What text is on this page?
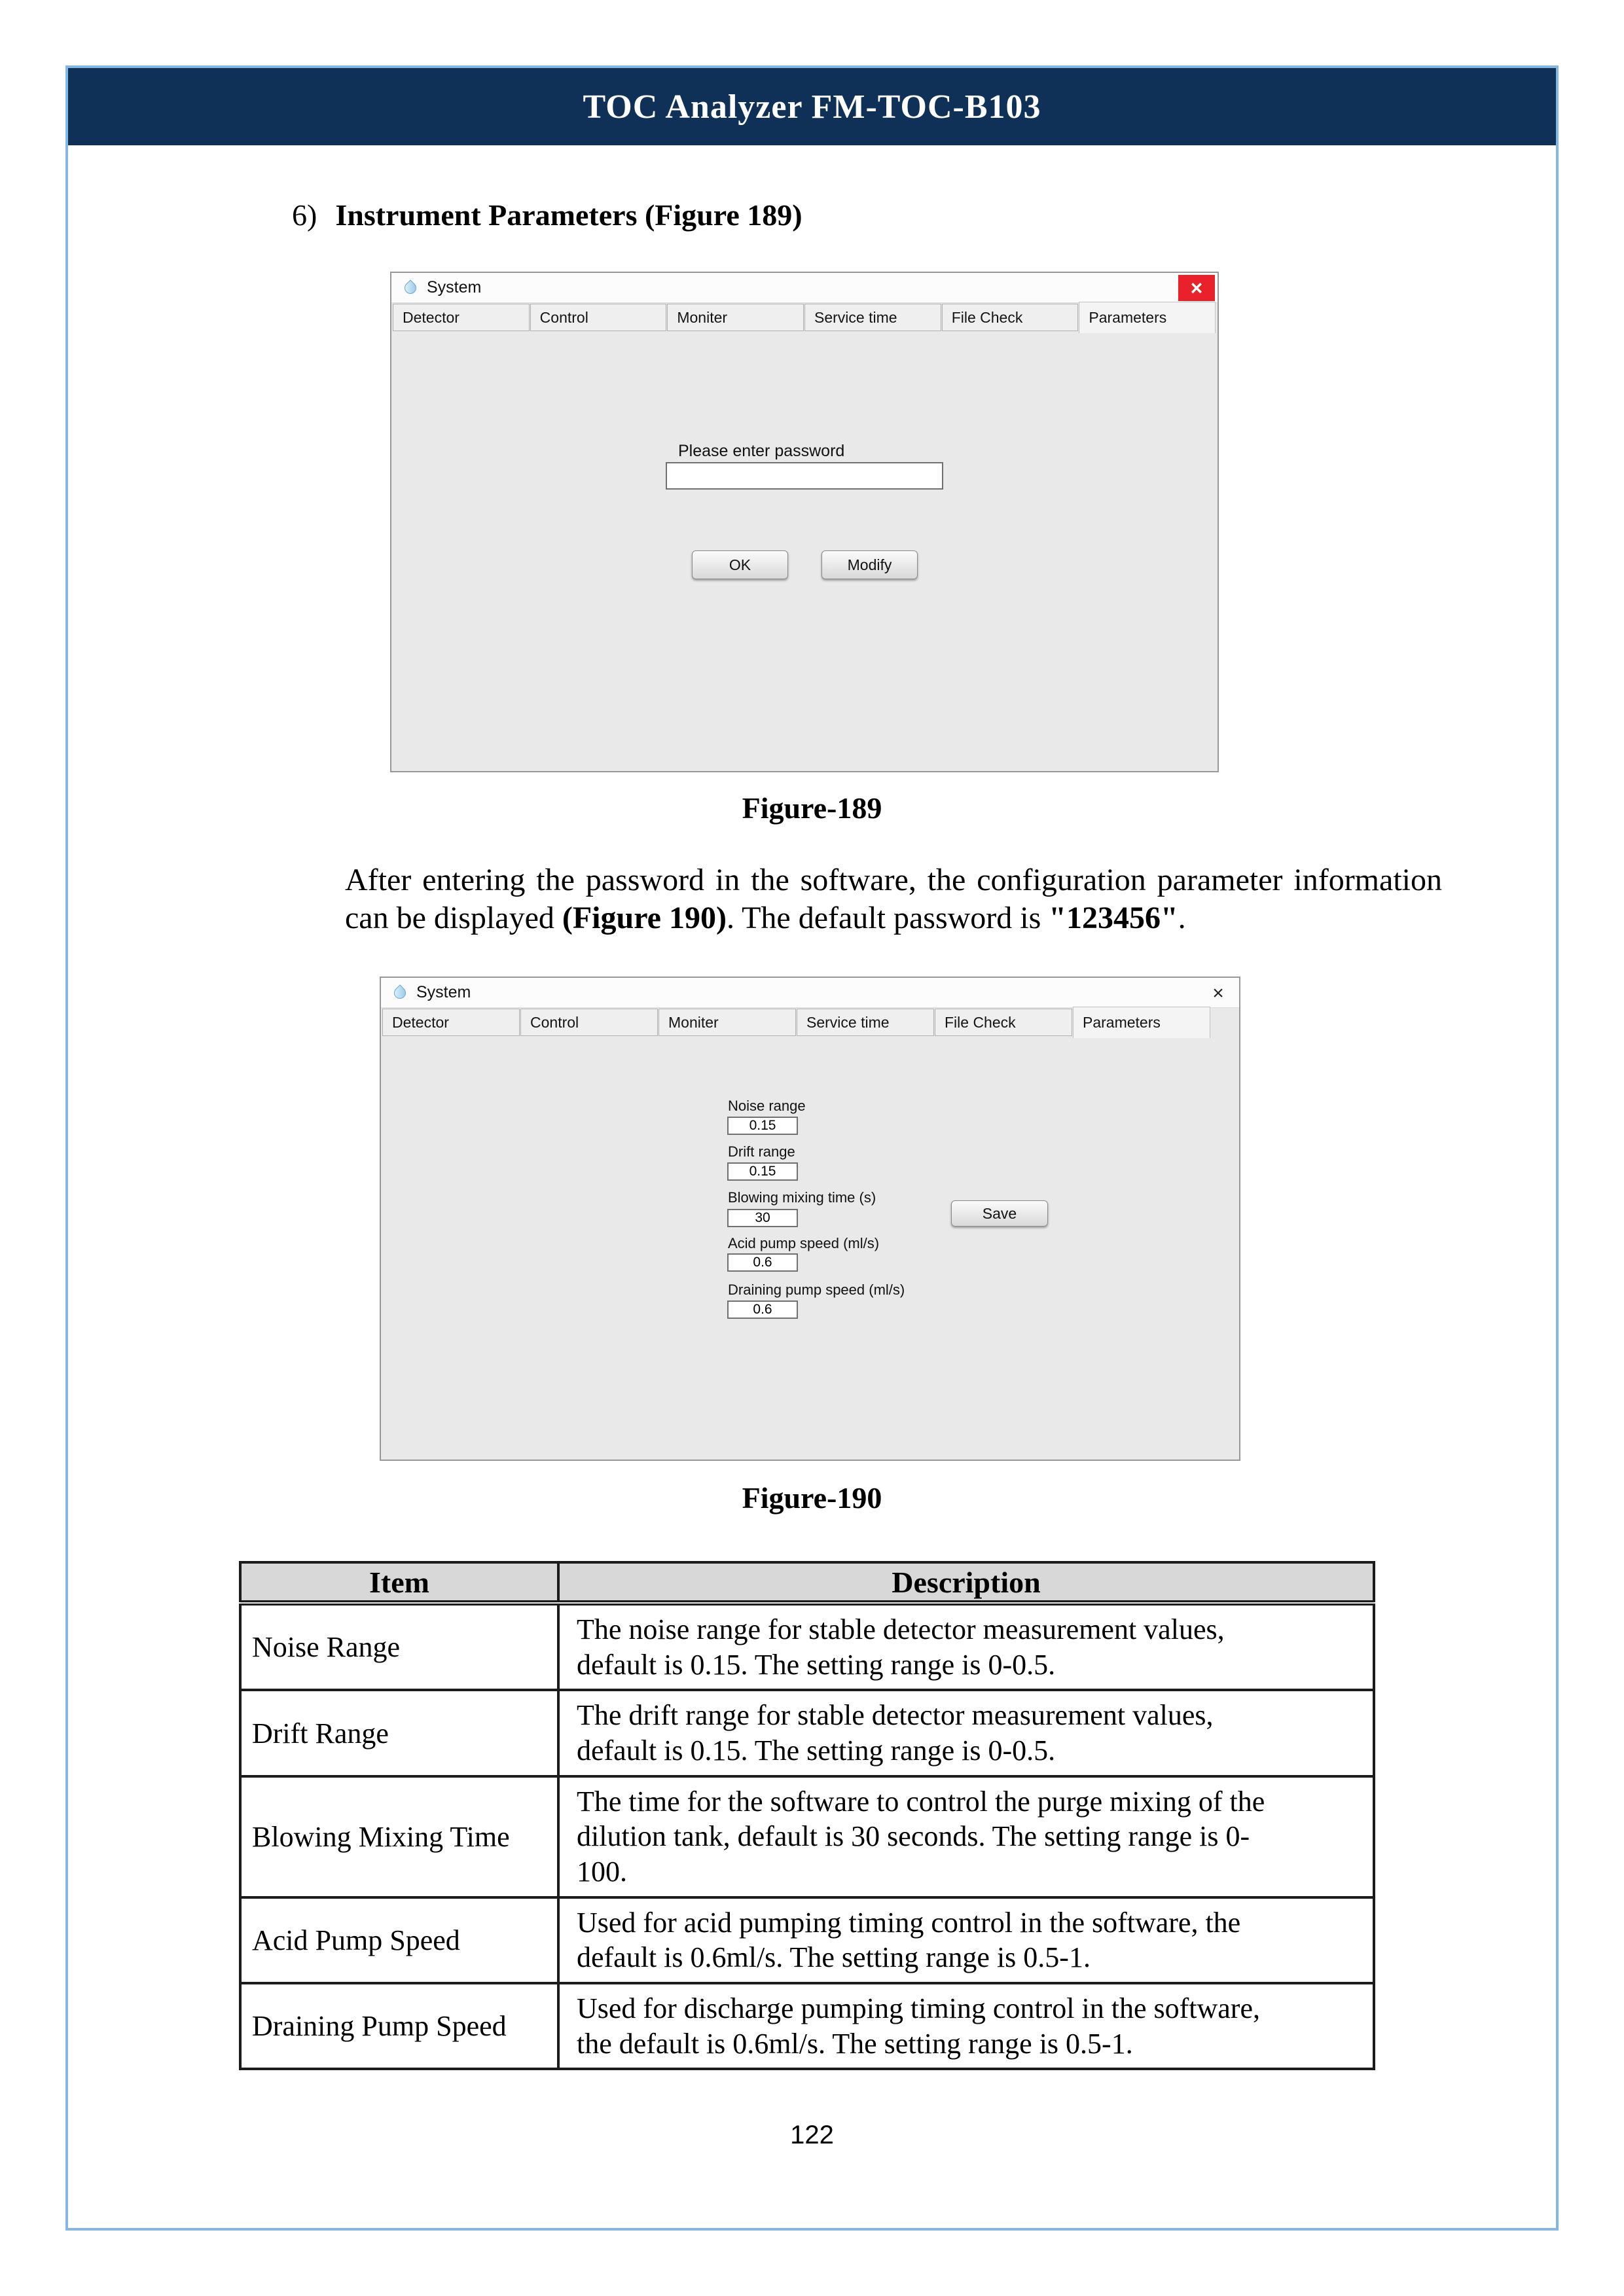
TOC Analyzer FM-TOC-B103
6) Instrument Parameters (Figure 189)
System	×
Detector	Control	Moniter	Service time	File Check	Parameters
Please enter password
OK	Modify
Figure-189

After entering the password in the software, the configuration parameter information can be displayed (Figure 190). The default password is "123456".

System	×
Detector	Control	Moniter	Service time	File Check	Parameters
Noise range
0.15
Drift range
0.15
Blowing mixing time (s)
30
Acid pump speed (ml/s)
0.6
Draining pump speed (ml/s)
0.6
Save
Figure-190
Item	Description
Noise Range	The noise range for stable detector measurement values, default is 0.15. The setting range is 0-0.5.
Drift Range	The drift range for stable detector measurement values, default is 0.15. The setting range is 0-0.5.
Blowing Mixing Time	The time for the software to control the purge mixing of the dilution tank, default is 30 seconds. The setting range is 0-100.
Acid Pump Speed	Used for acid pumping timing control in the software, the default is 0.6ml/s. The setting range is 0.5-1.
Draining Pump Speed	Used for discharge pumping timing control in the software, the default is 0.6ml/s. The setting range is 0.5-1.
122
